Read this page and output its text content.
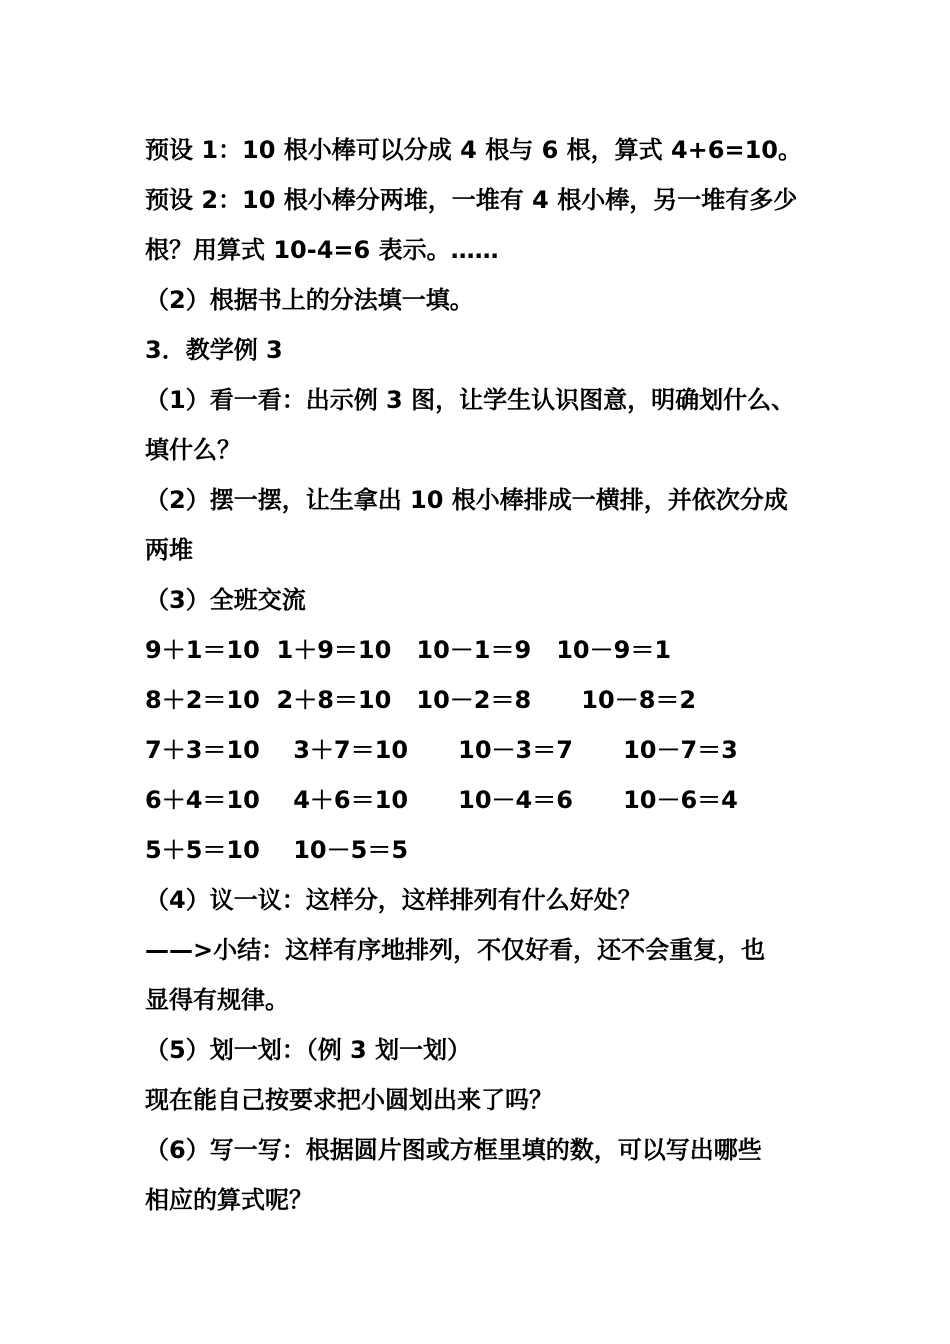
预设 1：10 根小棒可以分成 4 根与 6 根，算式 4+6=10。
预设 2：10 根小棒分两堆，一堆有 4 根小棒，另一堆有多少
根？用算式 10-4=6 表示。……
（2）根据书上的分法填一填。
3．教学例 3
（1）看一看：出示例 3 图，让学生认识图意，明确划什么、
填什么？
（2）摆一摆，让生拿出 10 根小棒排成一横排，并依次分成
两堆
（3）全班交流
9＋1＝10  1＋9＝10   10－1＝9   10－9＝1
8＋2＝10  2＋8＝10   10－2＝8      10－8＝2
7＋3＝10    3＋7＝10      10－3＝7      10－7＝3
6＋4＝10    4＋6＝10      10－4＝6      10－6＝4
5＋5＝10    10－5＝5
（4）议一议：这样分，这样排列有什么好处？
——>小结：这样有序地排列，不仅好看，还不会重复，也
显得有规律。
（5）划一划：（例 3 划一划）
现在能自己按要求把小圆划出来了吗？
（6）写一写：根据圆片图或方框里填的数，可以写出哪些
相应的算式呢？
